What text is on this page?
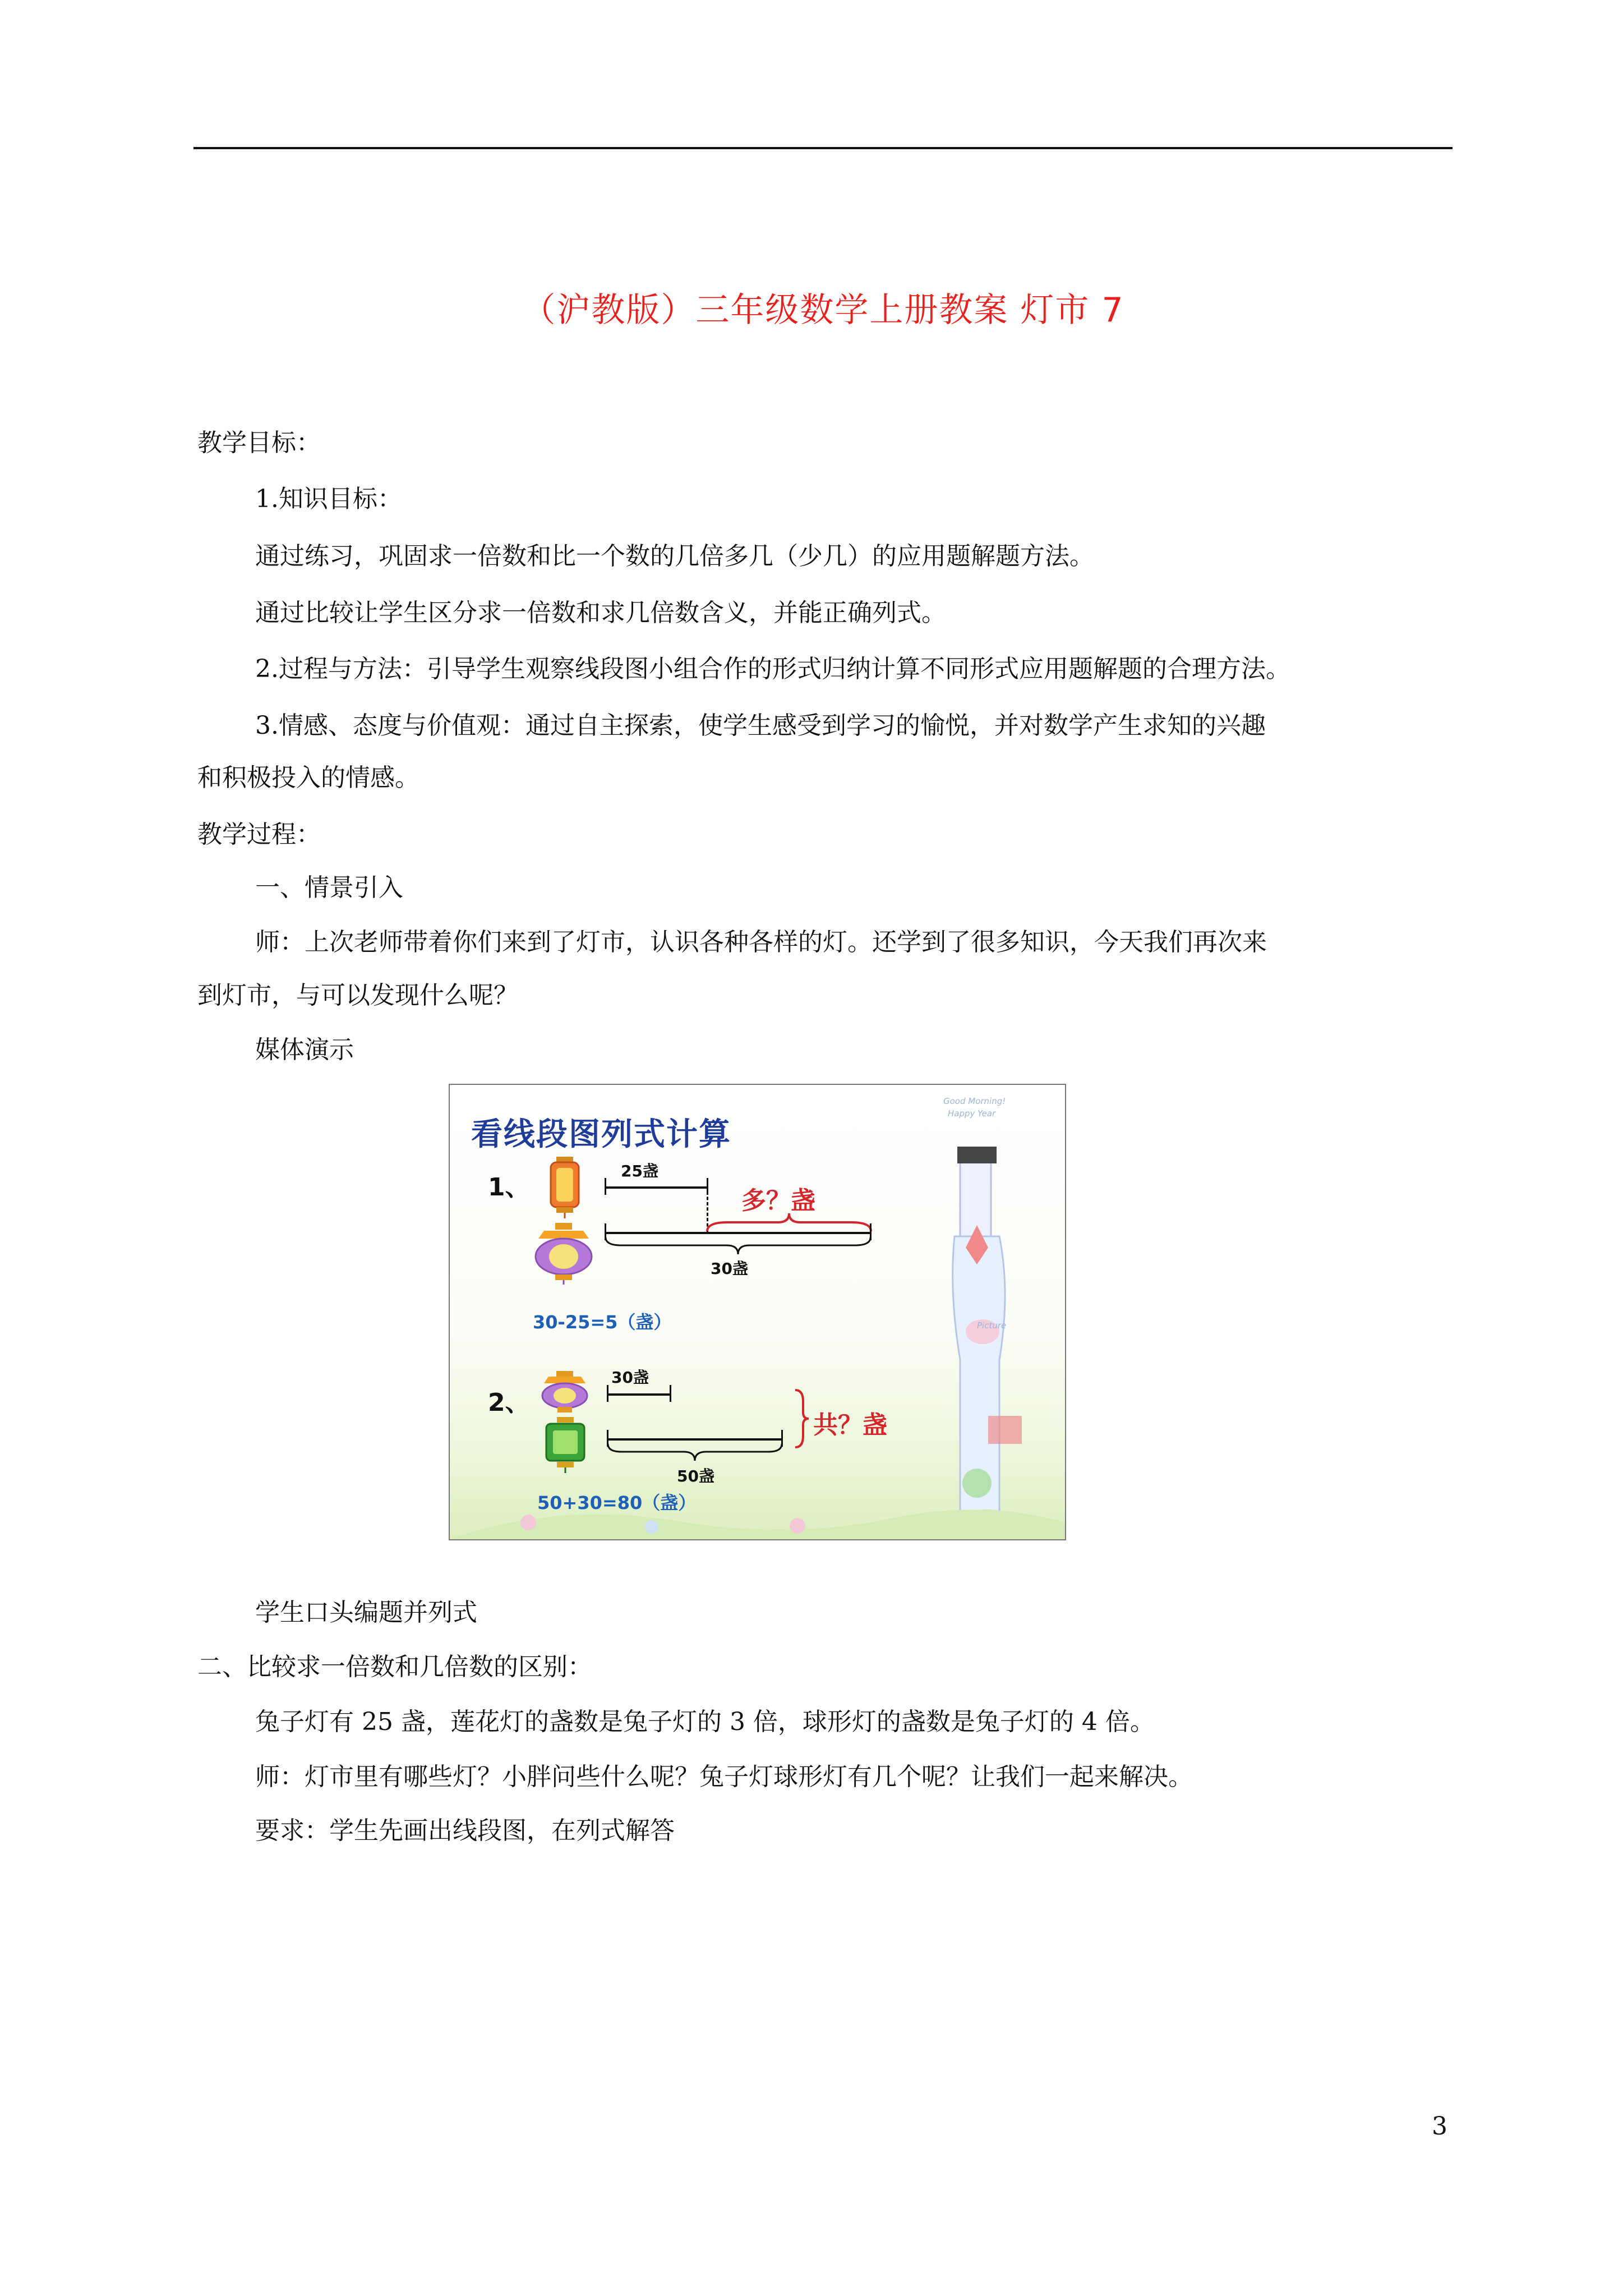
（沪教版）三年级数学上册教案 灯市 7
教学目标：
1.知识目标：
通过练习，巩固求一倍数和比一个数的几倍多几（少几）的应用题解题方法。
通过比较让学生区分求一倍数和求几倍数含义，并能正确列式。
2.过程与方法：引导学生观察线段图小组合作的形式归纳计算不同形式应用题解题的合理方法。
3.情感、态度与价值观：通过自主探索，使学生感受到学习的愉悦，并对数学产生求知的兴趣
和积极投入的情感。
教学过程：
一、情景引入
师：上次老师带着你们来到了灯市，认识各种各样的灯。还学到了很多知识，今天我们再次来
到灯市，与可以发现什么呢？
媒体演示
看线段图列式计算
Good Morning!
Happy Year
Picture
1、
25盏
多？盏
30盏
30-25=5（盏）
2、
30盏
50盏
共？盏
50+30=80（盏）
学生口头编题并列式
二、比较求一倍数和几倍数的区别：
兔子灯有 25 盏，莲花灯的盏数是兔子灯的 3 倍，球形灯的盏数是兔子灯的 4 倍。
师：灯市里有哪些灯？小胖问些什么呢？兔子灯球形灯有几个呢？让我们一起来解决。
要求：学生先画出线段图，在列式解答
3
